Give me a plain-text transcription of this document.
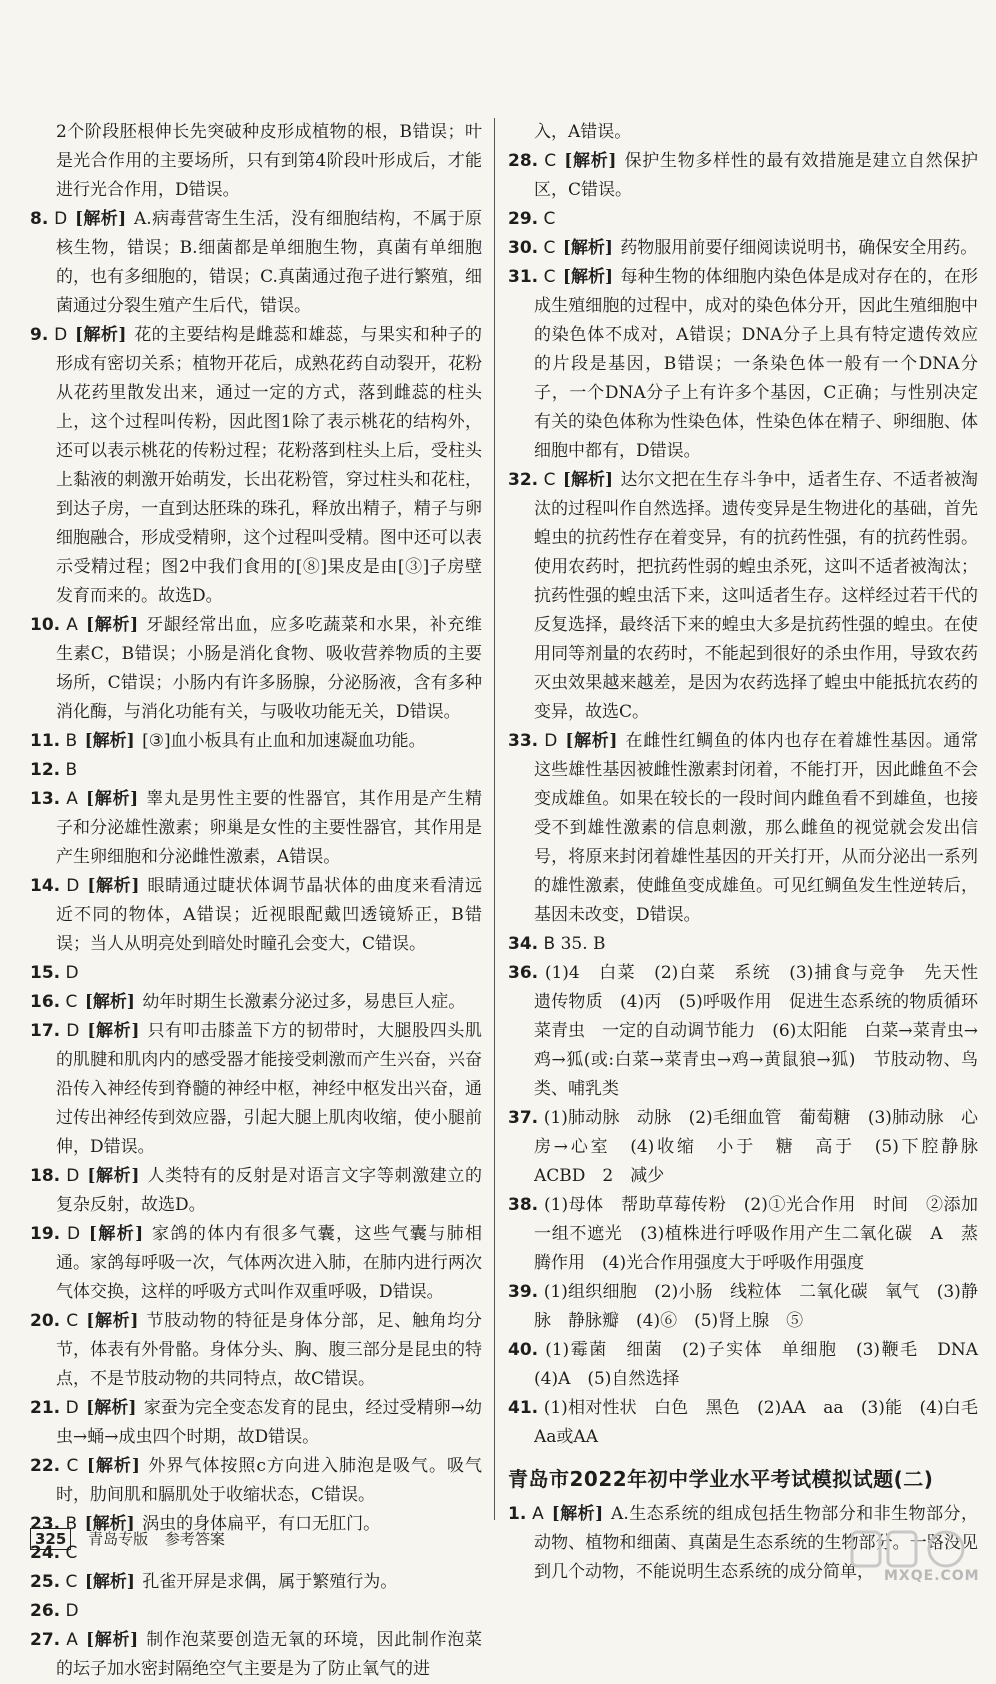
2个阶段胚根伸长先突破种皮形成植物的根，B错误；叶是光合作用的主要场所，只有到第4阶段叶形成后，才能进行光合作用，D错误。

8. D [解析] A.病毒营寄生生活，没有细胞结构，不属于原核生物，错误；B.细菌都是单细胞生物，真菌有单细胞的，也有多细胞的，错误；C.真菌通过孢子进行繁殖，细菌通过分裂生殖产生后代，错误。

9. D [解析] 花的主要结构是雌蕊和雄蕊，与果实和种子的形成有密切关系；植物开花后，成熟花药自动裂开，花粉从花药里散发出来，通过一定的方式，落到雌蕊的柱头上，这个过程叫传粉，因此图1除了表示桃花的结构外，还可以表示桃花的传粉过程；花粉落到柱头上后，受柱头上黏液的刺激开始萌发，长出花粉管，穿过柱头和花柱，到达子房，一直到达胚珠的珠孔，释放出精子，精子与卵细胞融合，形成受精卵，这个过程叫受精。图中还可以表示受精过程；图2中我们食用的[⑧]果皮是由[③]子房壁发育而来的。故选D。

10. A [解析] 牙龈经常出血，应多吃蔬菜和水果，补充维生素C，B错误；小肠是消化食物、吸收营养物质的主要场所，C错误；小肠内有许多肠腺，分泌肠液，含有多种消化酶，与消化功能有关，与吸收功能无关，D错误。

11. B [解析] [③]血小板具有止血和加速凝血功能。

12. B

13. A [解析] 睾丸是男性主要的性器官，其作用是产生精子和分泌雄性激素；卵巢是女性的主要性器官，其作用是产生卵细胞和分泌雌性激素，A错误。

14. D [解析] 眼睛通过睫状体调节晶状体的曲度来看清远近不同的物体，A错误；近视眼配戴凹透镜矫正，B错误；当人从明亮处到暗处时瞳孔会变大，C错误。

15. D

16. C [解析] 幼年时期生长激素分泌过多，易患巨人症。

17. D [解析] 只有叩击膝盖下方的韧带时，大腿股四头肌的肌腱和肌肉内的感受器才能接受刺激而产生兴奋，兴奋沿传入神经传到脊髓的神经中枢，神经中枢发出兴奋，通过传出神经传到效应器，引起大腿上肌肉收缩，使小腿前伸，D错误。

18. D [解析] 人类特有的反射是对语言文字等刺激建立的复杂反射，故选D。

19. D [解析] 家鸽的体内有很多气囊，这些气囊与肺相通。家鸽每呼吸一次，气体两次进入肺，在肺内进行两次气体交换，这样的呼吸方式叫作双重呼吸，D错误。

20. C [解析] 节肢动物的特征是身体分部，足、触角均分节，体表有外骨骼。身体分头、胸、腹三部分是昆虫的特点，不是节肢动物的共同特点，故C错误。

21. D [解析] 家蚕为完全变态发育的昆虫，经过受精卵→幼虫→蛹→成虫四个时期，故D错误。

22. C [解析] 外界气体按照c方向进入肺泡是吸气。吸气时，肋间肌和膈肌处于收缩状态，C错误。

23. B [解析] 涡虫的身体扁平，有口无肛门。

24. C

25. C [解析] 孔雀开屏是求偶，属于繁殖行为。

26. D

27. A [解析] 制作泡菜要创造无氧的环境，因此制作泡菜的坛子加水密封隔绝空气主要是为了防止氧气的进

入，A错误。

28. C [解析] 保护生物多样性的最有效措施是建立自然保护区，C错误。

29. C

30. C [解析] 药物服用前要仔细阅读说明书，确保安全用药。

31. C [解析] 每种生物的体细胞内染色体是成对存在的，在形成生殖细胞的过程中，成对的染色体分开，因此生殖细胞中的染色体不成对，A错误；DNA分子上具有特定遗传效应的片段是基因，B错误；一条染色体一般有一个DNA分子，一个DNA分子上有许多个基因，C正确；与性别决定有关的染色体称为性染色体，性染色体在精子、卵细胞、体细胞中都有，D错误。

32. C [解析] 达尔文把在生存斗争中，适者生存、不适者被淘汰的过程叫作自然选择。遗传变异是生物进化的基础，首先蝗虫的抗药性存在着变异，有的抗药性强，有的抗药性弱。使用农药时，把抗药性弱的蝗虫杀死，这叫不适者被淘汰；抗药性强的蝗虫活下来，这叫适者生存。这样经过若干代的反复选择，最终活下来的蝗虫大多是抗药性强的蝗虫。在使用同等剂量的农药时，不能起到很好的杀虫作用，导致农药灭虫效果越来越差，是因为农药选择了蝗虫中能抵抗农药的变异，故选C。

33. D [解析] 在雌性红鲷鱼的体内也存在着雄性基因。通常这些雄性基因被雌性激素封闭着，不能打开，因此雌鱼不会变成雄鱼。如果在较长的一段时间内雌鱼看不到雄鱼，也接受不到雄性激素的信息刺激，那么雌鱼的视觉就会发出信号，将原来封闭着雄性基因的开关打开，从而分泌出一系列的雄性激素，使雌鱼变成雄鱼。可见红鲷鱼发生性逆转后，基因未改变，D错误。

34. B 35. B

36. (1)4　白菜　(2)白菜　系统　(3)捕食与竞争　先天性　遗传物质　(4)丙　(5)呼吸作用　促进生态系统的物质循环　菜青虫　一定的自动调节能力　(6)太阳能　白菜→菜青虫→鸡→狐(或:白菜→菜青虫→鸡→黄鼠狼→狐)　节肢动物、鸟类、哺乳类

37. (1)肺动脉　动脉　(2)毛细血管　葡萄糖　(3)肺动脉　心房→心室　(4)收缩　小于　糖　高于　(5)下腔静脉　ACBD　2　减少

38. (1)母体　帮助草莓传粉　(2)①光合作用　时间　②添加一组不遮光　(3)植株进行呼吸作用产生二氧化碳　A　蒸腾作用　(4)光合作用强度大于呼吸作用强度

39. (1)组织细胞　(2)小肠　线粒体　二氧化碳　氧气　(3)静脉　静脉瓣　(4)⑥　(5)肾上腺　⑤

40. (1)霉菌　细菌　(2)子实体　单细胞　(3)鞭毛　DNA　(4)A　(5)自然选择

41. (1)相对性状　白色　黑色　(2)AA　aa　(3)能　(4)白毛　Aa或AA

青岛市2022年初中学业水平考试模拟试题(二)

1. A [解析] A.生态系统的组成包括生物部分和非生物部分，动物、植物和细菌、真菌是生态系统的生物部分。一路没见到几个动物，不能说明生态系统的成分简单，

325 青岛专版 参考答案
MXQE.COM
